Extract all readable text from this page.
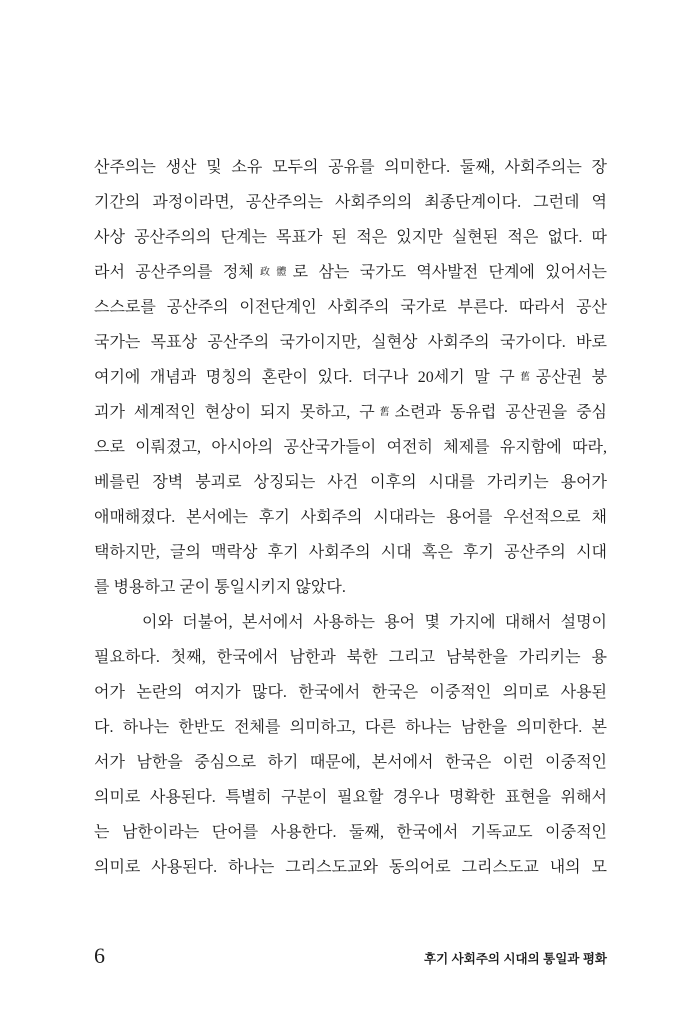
산주의는 생산 및 소유 모두의 공유를 의미한다. 둘째, 사회주의는 장
기간의 과정이라면, 공산주의는 사회주의의 최종단계이다. 그런데 역
사상 공산주의의 단계는 목표가 된 적은 있지만 실현된 적은 없다. 따
라서 공산주의를 정체政體로 삼는 국가도 역사발전 단계에 있어서는
스스로를 공산주의 이전단계인 사회주의 국가로 부른다. 따라서 공산
국가는 목표상 공산주의 국가이지만, 실현상 사회주의 국가이다. 바로
여기에 개념과 명칭의 혼란이 있다. 더구나 20세기 말 구舊공산권 붕
괴가 세계적인 현상이 되지 못하고, 구舊소련과 동유럽 공산권을 중심
으로 이뤄졌고, 아시아의 공산국가들이 여전히 체제를 유지함에 따라,
베를린 장벽 붕괴로 상징되는 사건 이후의 시대를 가리키는 용어가
애매해졌다. 본서에는 후기 사회주의 시대라는 용어를 우선적으로 채
택하지만, 글의 맥락상 후기 사회주의 시대 혹은 후기 공산주의 시대
를 병용하고 굳이 통일시키지 않았다.
이와 더불어, 본서에서 사용하는 용어 몇 가지에 대해서 설명이
필요하다. 첫째, 한국에서 남한과 북한 그리고 남북한을 가리키는 용
어가 논란의 여지가 많다. 한국에서 한국은 이중적인 의미로 사용된
다. 하나는 한반도 전체를 의미하고, 다른 하나는 남한을 의미한다. 본
서가 남한을 중심으로 하기 때문에, 본서에서 한국은 이런 이중적인
의미로 사용된다. 특별히 구분이 필요할 경우나 명확한 표현을 위해서
는 남한이라는 단어를 사용한다. 둘째, 한국에서 기독교도 이중적인
의미로 사용된다. 하나는 그리스도교와 동의어로 그리스도교 내의 모
6	후기 사회주의 시대의 통일과 평화
